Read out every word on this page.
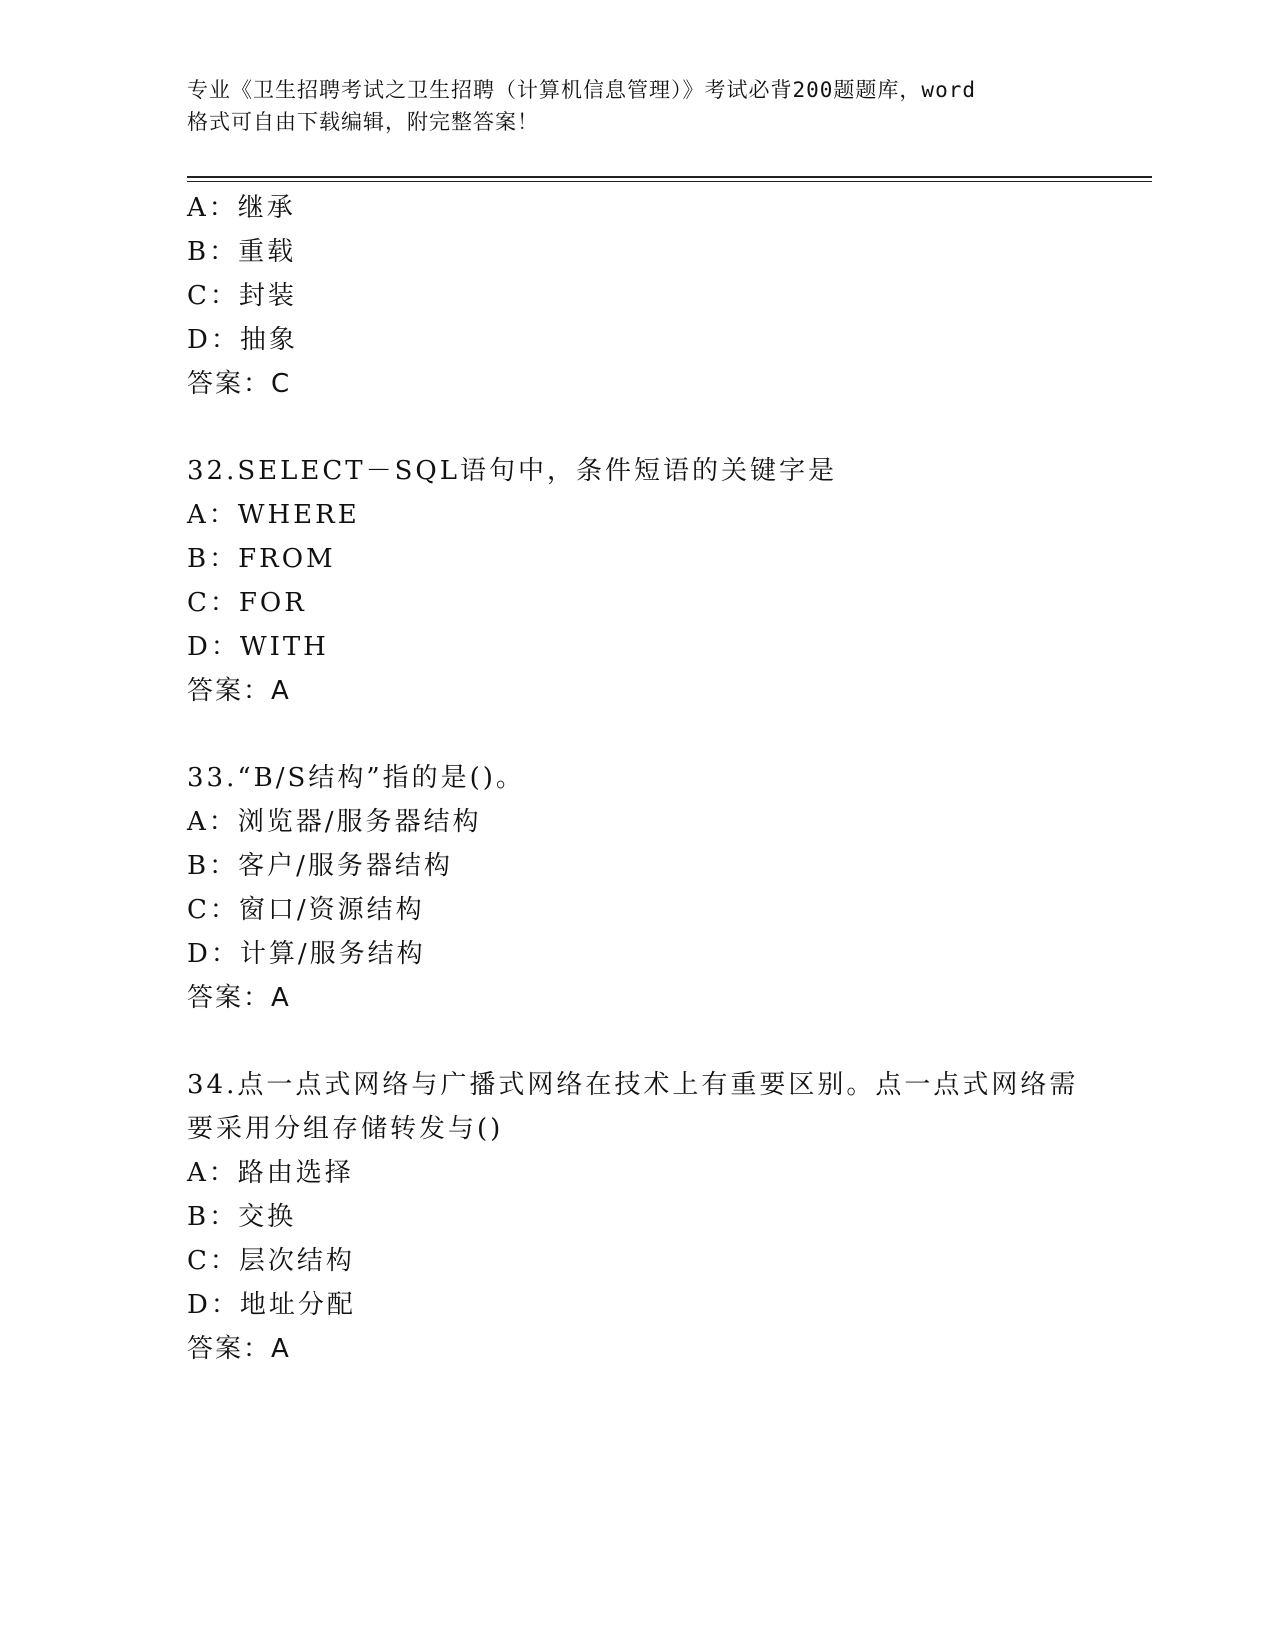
专业《卫生招聘考试之卫生招聘（计算机信息管理）》考试必背200题题库，word
格式可自由下载编辑，附完整答案！
A：继承
B：重载
C：封装
D：抽象
答案：C
32.SELECT－SQL语句中，条件短语的关键字是
A：WHERE
B：FROM
C：FOR
D：WITH
答案：A
33.“B/S结构”指的是()。
A：浏览器/服务器结构
B：客户/服务器结构
C：窗口/资源结构
D：计算/服务结构
答案：A
34.点一点式网络与广播式网络在技术上有重要区别。点一点式网络需
要采用分组存储转发与()
A：路由选择
B：交换
C：层次结构
D：地址分配
答案：A
